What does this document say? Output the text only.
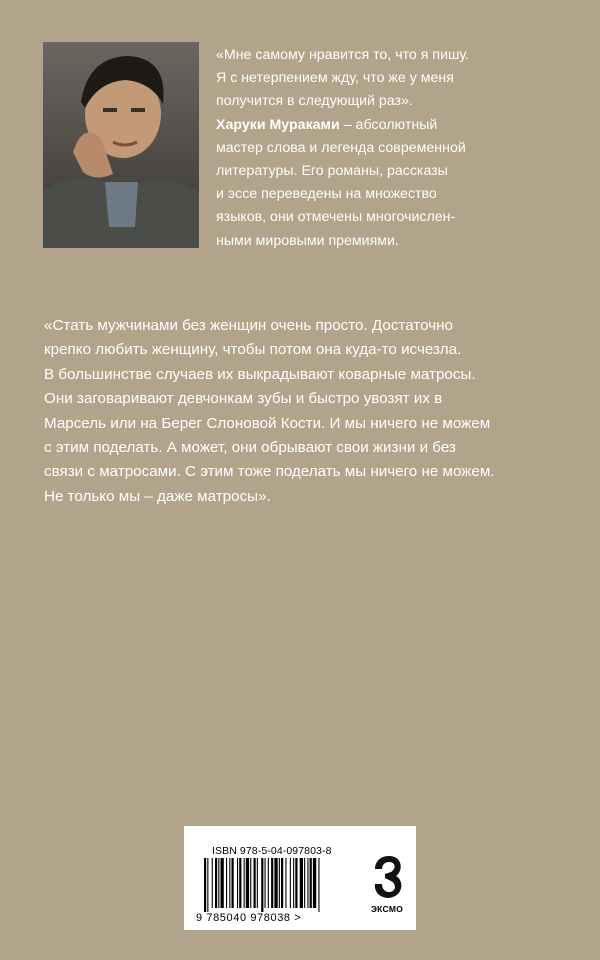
«Мне самому нравится то, что я пишу.
Я с нетерпением жду, что же у меня
получится в следующий раз».
Харуки Мураками – абсолютный
мастер слова и легенда современной
литературы. Его романы, рассказы
и эссе переведены на множество
языков, они отмечены многочислен-
ными мировыми премиями.
«Стать мужчинами без женщин очень просто. Достаточно
крепко любить женщину, чтобы потом она куда-то исчезла.
В большинстве случаев их выкрадывают коварные матросы.
Они заговаривают девчонкам зубы и быстро увозят их в
Марсель или на Берег Слоновой Кости. И мы ничего не можем
с этим поделать. А может, они обрывают свои жизни и без
связи с матросами. С этим тоже поделать мы ничего не можем.
Не только мы – даже матросы».
ISBN 978-5-04-097803-8
9 785040 978038 >
ЭКСМО
